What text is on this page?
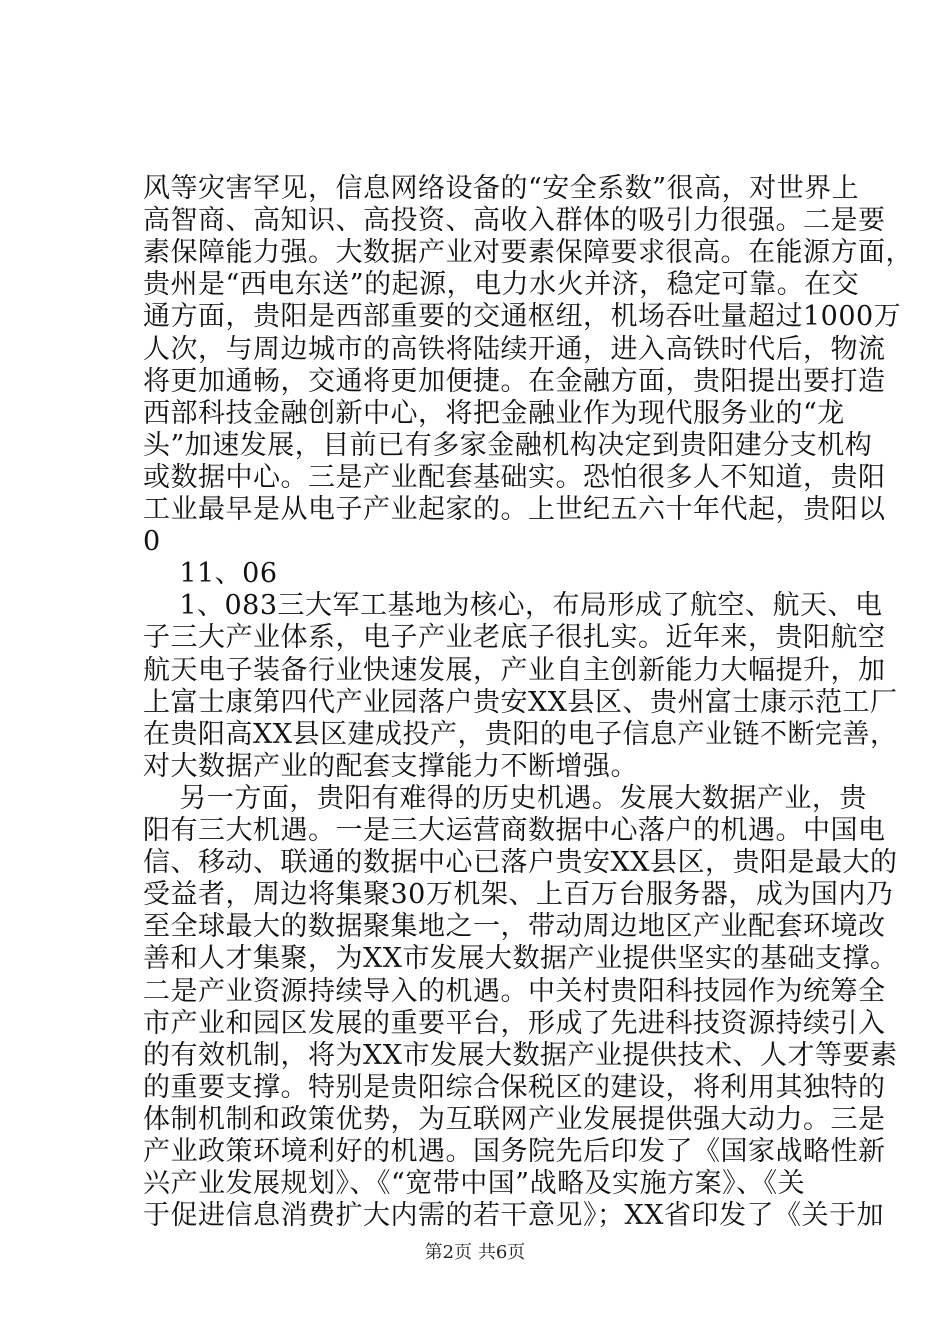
风等灾害罕见，信息网络设备的“安全系数”很高，对世界上
高智商、高知识、高投资、高收入群体的吸引力很强。二是要
素保障能力强。大数据产业对要素保障要求很高。在能源方面，
贵州是“西电东送”的起源，电力水火并济，稳定可靠。在交
通方面，贵阳是西部重要的交通枢纽，机场吞吐量超过1000万
人次，与周边城市的高铁将陆续开通，进入高铁时代后，物流
将更加通畅，交通将更加便捷。在金融方面，贵阳提出要打造
西部科技金融创新中心，将把金融业作为现代服务业的“龙
头”加速发展，目前已有多家金融机构决定到贵阳建分支机构
或数据中心。三是产业配套基础实。恐怕很多人不知道，贵阳
工业最早是从电子产业起家的。上世纪五六十年代起，贵阳以
0
11、06
1、083三大军工基地为核心，布局形成了航空、航天、电
子三大产业体系，电子产业老底子很扎实。近年来，贵阳航空
航天电子装备行业快速发展，产业自主创新能力大幅提升，加
上富士康第四代产业园落户贵安XX县区、贵州富士康示范工厂
在贵阳高XX县区建成投产，贵阳的电子信息产业链不断完善，
对大数据产业的配套支撑能力不断增强。
另一方面，贵阳有难得的历史机遇。发展大数据产业，贵
阳有三大机遇。一是三大运营商数据中心落户的机遇。中国电
信、移动、联通的数据中心已落户贵安XX县区，贵阳是最大的
受益者，周边将集聚30万机架、上百万台服务器，成为国内乃
至全球最大的数据聚集地之一，带动周边地区产业配套环境改
善和人才集聚，为XX市发展大数据产业提供坚实的基础支撑。
二是产业资源持续导入的机遇。中关村贵阳科技园作为统筹全
市产业和园区发展的重要平台，形成了先进科技资源持续引入
的有效机制，将为XX市发展大数据产业提供技术、人才等要素
的重要支撑。特别是贵阳综合保税区的建设，将利用其独特的
体制机制和政策优势，为互联网产业发展提供强大动力。三是
产业政策环境利好的机遇。国务院先后印发了《国家战略性新
兴产业发展规划》、《“宽带中国”战略及实施方案》、《关
于促进信息消费扩大内需的若干意见》；XX省印发了《关于加
第2页 共6页
